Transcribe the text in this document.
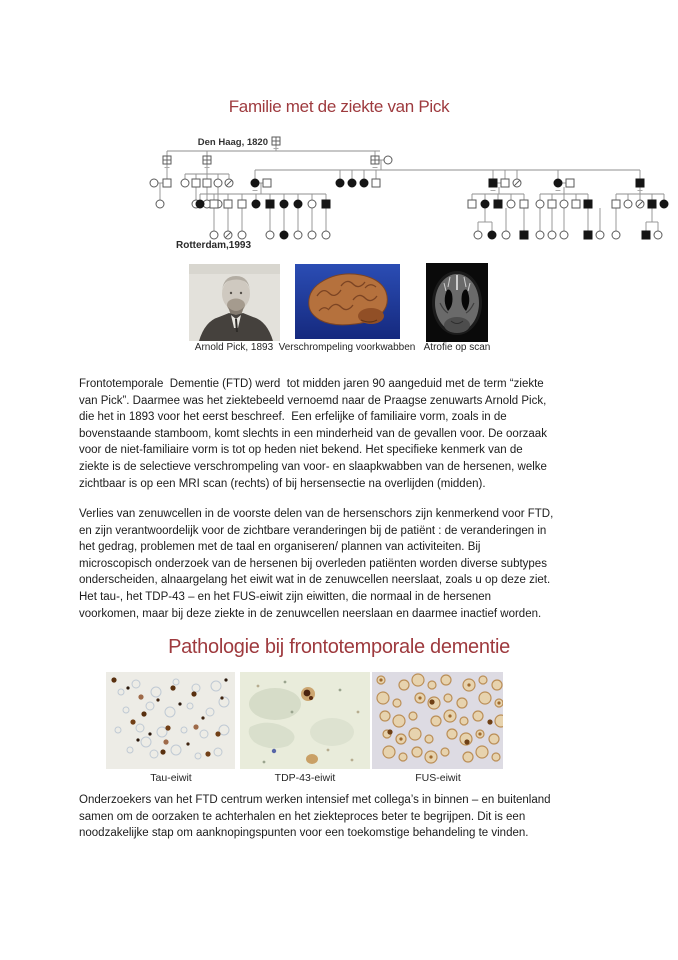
Familie met de ziekte van Pick
Den Haag, 1820
Rotterdam,1993
Arnold Pick, 1893 Verschrompeling voorkwabben Atrofie op scan
Frontotemporale  Dementie (FTD) werd  tot midden jaren 90 aangeduid met de term “ziekte
van Pick”. Daarmee was het ziektebeeld vernoemd naar de Praagse zenuwarts Arnold Pick,
die het in 1893 voor het eerst beschreef.  Een erfelijke of familiaire vorm, zoals in de
bovenstaande stamboom, komt slechts in een minderheid van de gevallen voor. De oorzaak
voor de niet-familiaire vorm is tot op heden niet bekend. Het specifieke kenmerk van de
ziekte is de selectieve verschrompeling van voor- en slaapkwabben van de hersenen, welke
zichtbaar is op een MRI scan (rechts) of bij hersensectie na overlijden (midden).
Verlies van zenuwcellen in de voorste delen van de hersenschors zijn kenmerkend voor FTD,
en zijn verantwoordelijk voor de zichtbare veranderingen bij de patiënt : de veranderingen in
het gedrag, problemen met de taal en organiseren/ plannen van activiteiten. Bij
microscopisch onderzoek van de hersenen bij overleden patiënten worden diverse subtypes
onderscheiden, alnaargelang het eiwit wat in de zenuwcellen neerslaat, zoals u op deze ziet.
Het tau-, het TDP-43 – en het FUS-eiwit zijn eiwitten, die normaal in de hersenen
voorkomen, maar bij deze ziekte in de zenuwcellen neerslaan en daarmee inactief worden.
Pathologie bij frontotemporale dementie
Tau-eiwit	TDP-43-eiwit	FUS-eiwit
Onderzoekers van het FTD centrum werken intensief met collega’s in binnen – en buitenland
samen om de oorzaken te achterhalen en het ziekteproces beter te begrijpen. Dit is een
noodzakelijke stap om aanknopingspunten voor een toekomstige behandeling te vinden.
